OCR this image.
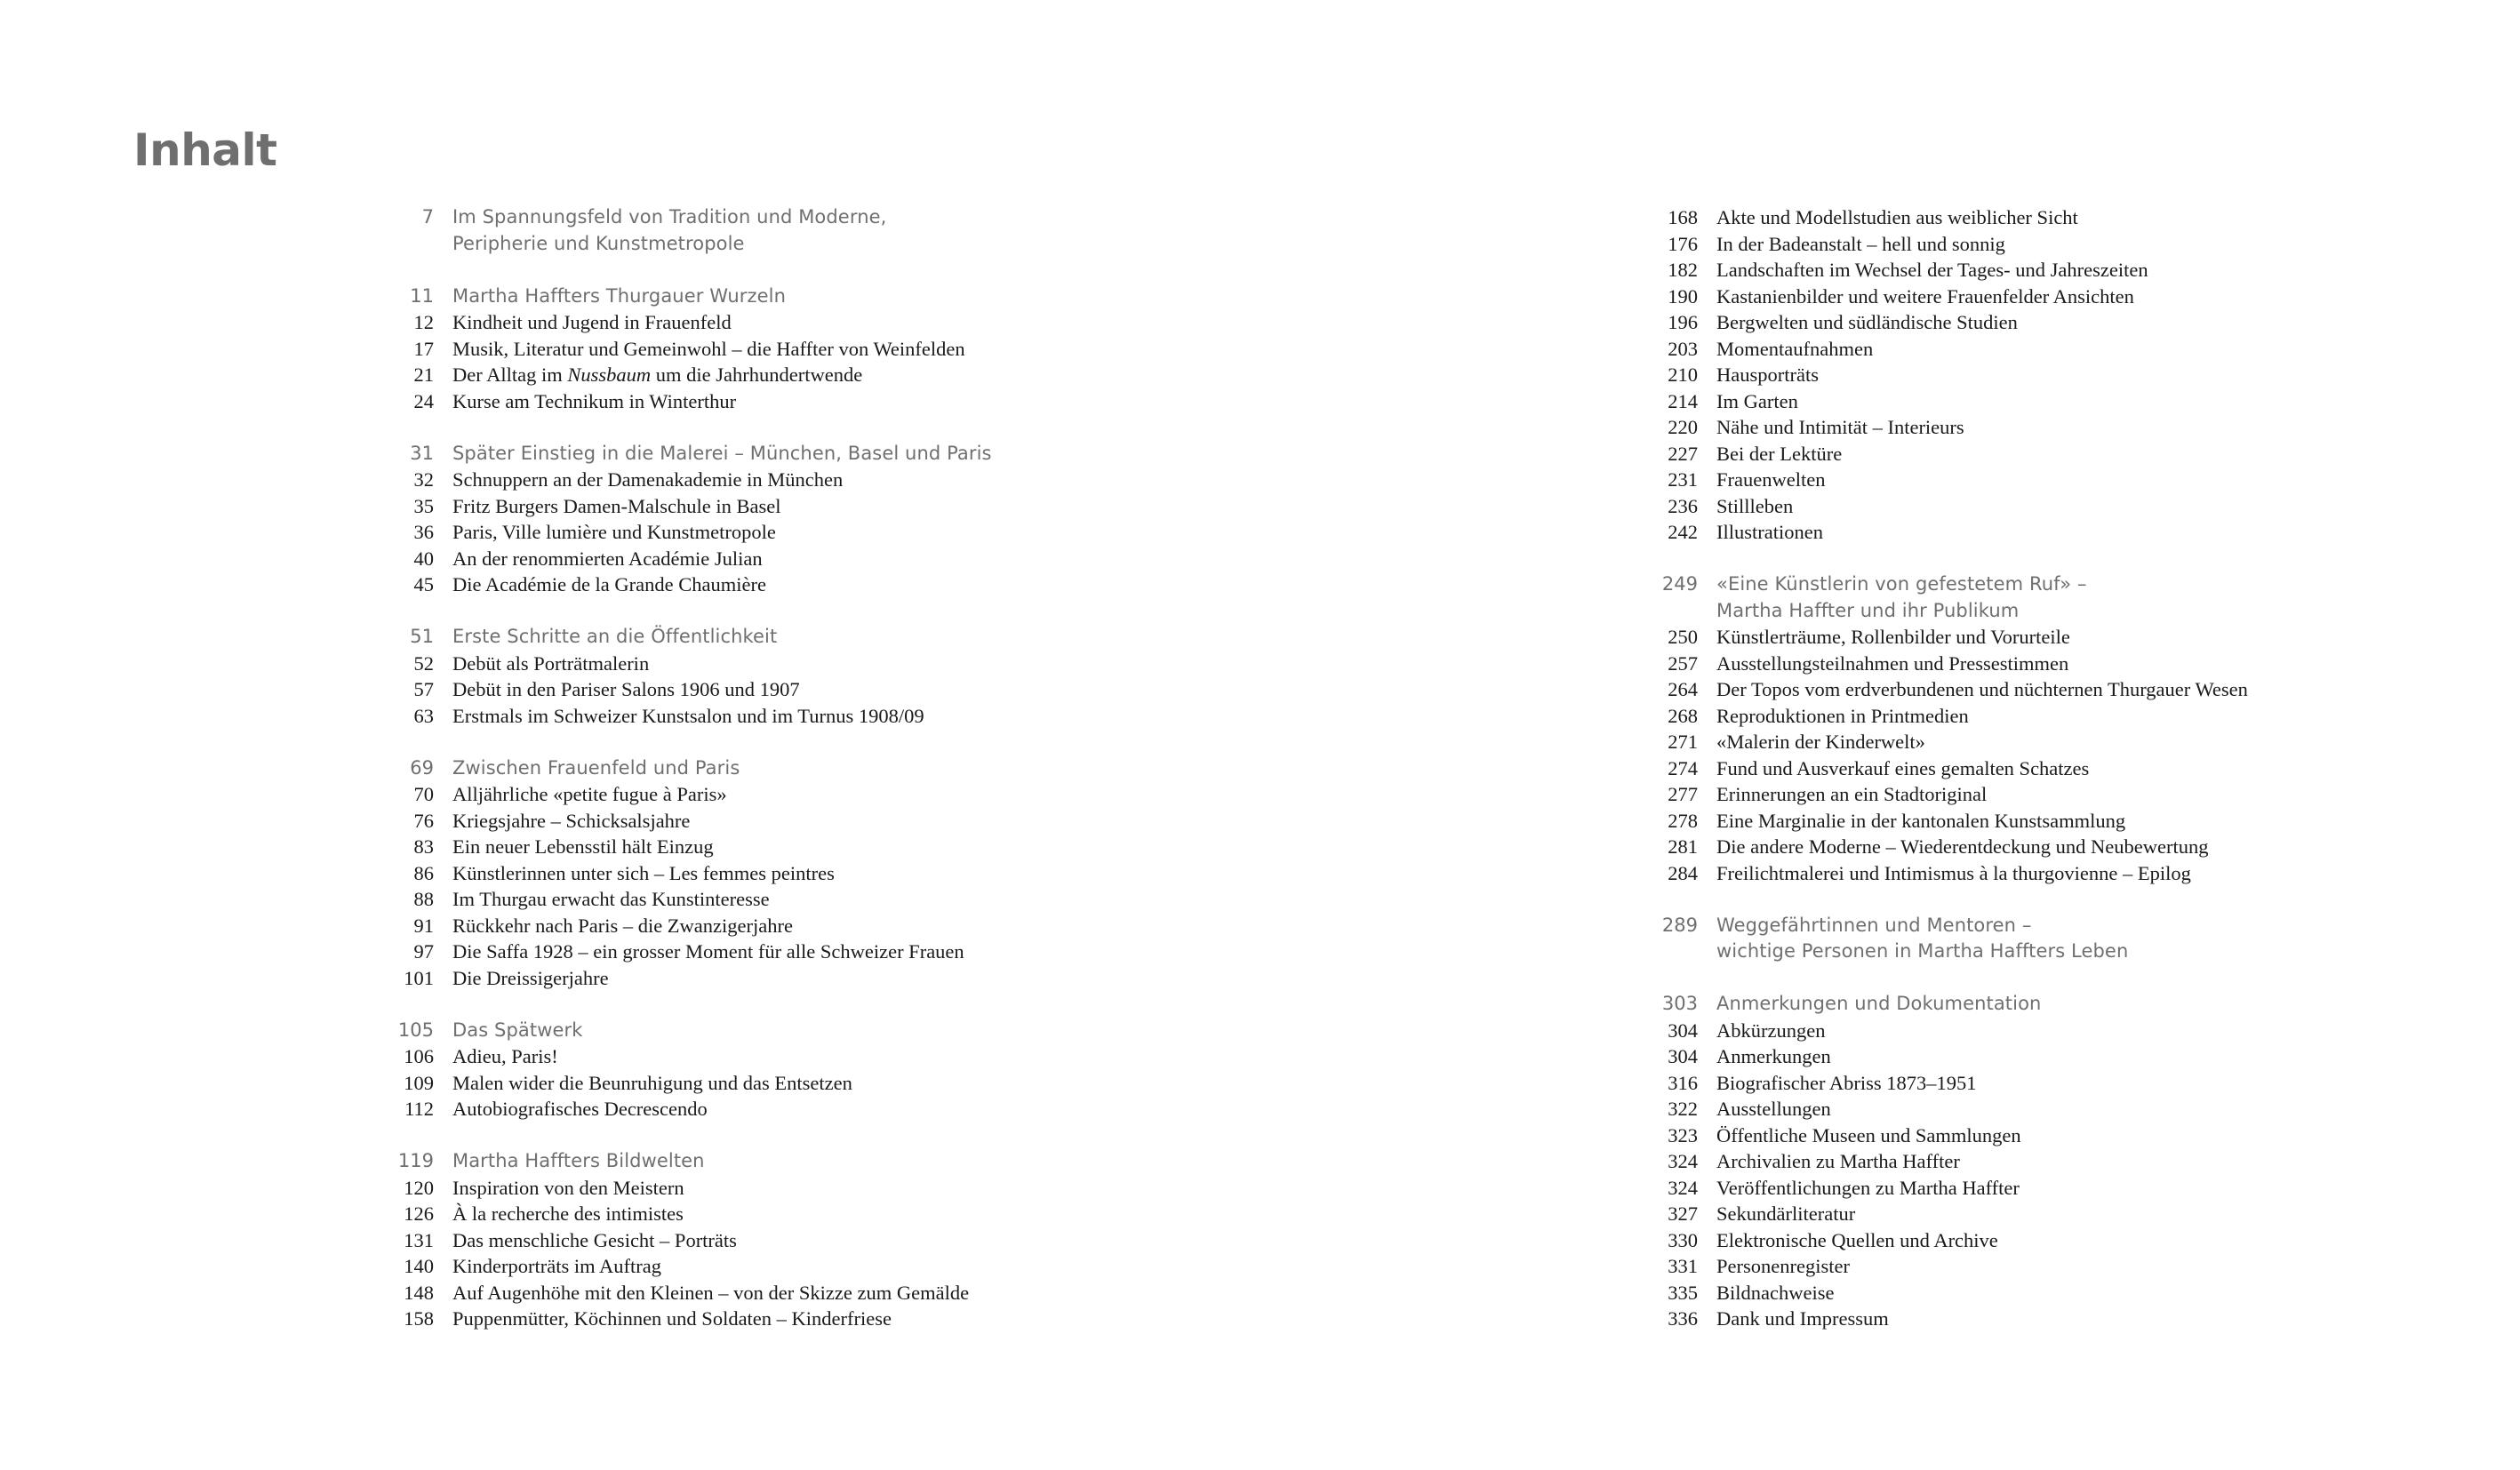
Inhalt
7 Im Spannungsfeld von Tradition und Moderne,
Peripherie und Kunstmetropole
11 Martha Haffters Thurgauer Wurzeln
12 Kindheit und Jugend in Frauenfeld
17 Musik, Literatur und Gemeinwohl – die Haffter von Weinfelden
21 Der Alltag im Nussbaum um die Jahrhundertwende
24 Kurse am Technikum in Winterthur
31 Später Einstieg in die Malerei – München, Basel und Paris
32 Schnuppern an der Damenakademie in München
35 Fritz Burgers Damen-Malschule in Basel
36 Paris, Ville lumière und Kunstmetropole
40 An der renommierten Académie Julian
45 Die Académie de la Grande Chaumière
51 Erste Schritte an die Öffentlichkeit
52 Debüt als Porträtmalerin
57 Debüt in den Pariser Salons 1906 und 1907
63 Erstmals im Schweizer Kunstsalon und im Turnus 1908/09
69 Zwischen Frauenfeld und Paris
70 Alljährliche «petite fugue à Paris»
76 Kriegsjahre – Schicksalsjahre
83 Ein neuer Lebensstil hält Einzug
86 Künstlerinnen unter sich – Les femmes peintres
88 Im Thurgau erwacht das Kunstinteresse
91 Rückkehr nach Paris – die Zwanzigerjahre
97 Die Saffa 1928 – ein grosser Moment für alle Schweizer Frauen
101 Die Dreissigerjahre
105 Das Spätwerk
106 Adieu, Paris!
109 Malen wider die Beunruhigung und das Entsetzen
112 Autobiografisches Decrescendo
119 Martha Haffters Bildwelten
120 Inspiration von den Meistern
126 À la recherche des intimistes
131 Das menschliche Gesicht – Porträts
140 Kinderporträts im Auftrag
148 Auf Augenhöhe mit den Kleinen – von der Skizze zum Gemälde
158 Puppenmütter, Köchinnen und Soldaten – Kinderfriese
168 Akte und Modellstudien aus weiblicher Sicht
176 In der Badeanstalt – hell und sonnig
182 Landschaften im Wechsel der Tages- und Jahreszeiten
190 Kastanienbilder und weitere Frauenfelder Ansichten
196 Bergwelten und südländische Studien
203 Momentaufnahmen
210 Hausporträts
214 Im Garten
220 Nähe und Intimität – Interieurs
227 Bei der Lektüre
231 Frauenwelten
236 Stillleben
242 Illustrationen
249 «Eine Künstlerin von gefestetem Ruf» –
Martha Haffter und ihr Publikum
250 Künstlerträume, Rollenbilder und Vorurteile
257 Ausstellungsteilnahmen und Pressestimmen
264 Der Topos vom erdverbundenen und nüchternen Thurgauer Wesen
268 Reproduktionen in Printmedien
271 «Malerin der Kinderwelt»
274 Fund und Ausverkauf eines gemalten Schatzes
277 Erinnerungen an ein Stadtoriginal
278 Eine Marginalie in der kantonalen Kunstsammlung
281 Die andere Moderne – Wiederentdeckung und Neubewertung
284 Freilichtmalerei und Intimismus à la thurgovienne – Epilog
289 Weggefährtinnen und Mentoren –
wichtige Personen in Martha Haffters Leben
303 Anmerkungen und Dokumentation
304 Abkürzungen
304 Anmerkungen
316 Biografischer Abriss 1873–1951
322 Ausstellungen
323 Öffentliche Museen und Sammlungen
324 Archivalien zu Martha Haffter
324 Veröffentlichungen zu Martha Haffter
327 Sekundärliteratur
330 Elektronische Quellen und Archive
331 Personenregister
335 Bildnachweise
336 Dank und Impressum
